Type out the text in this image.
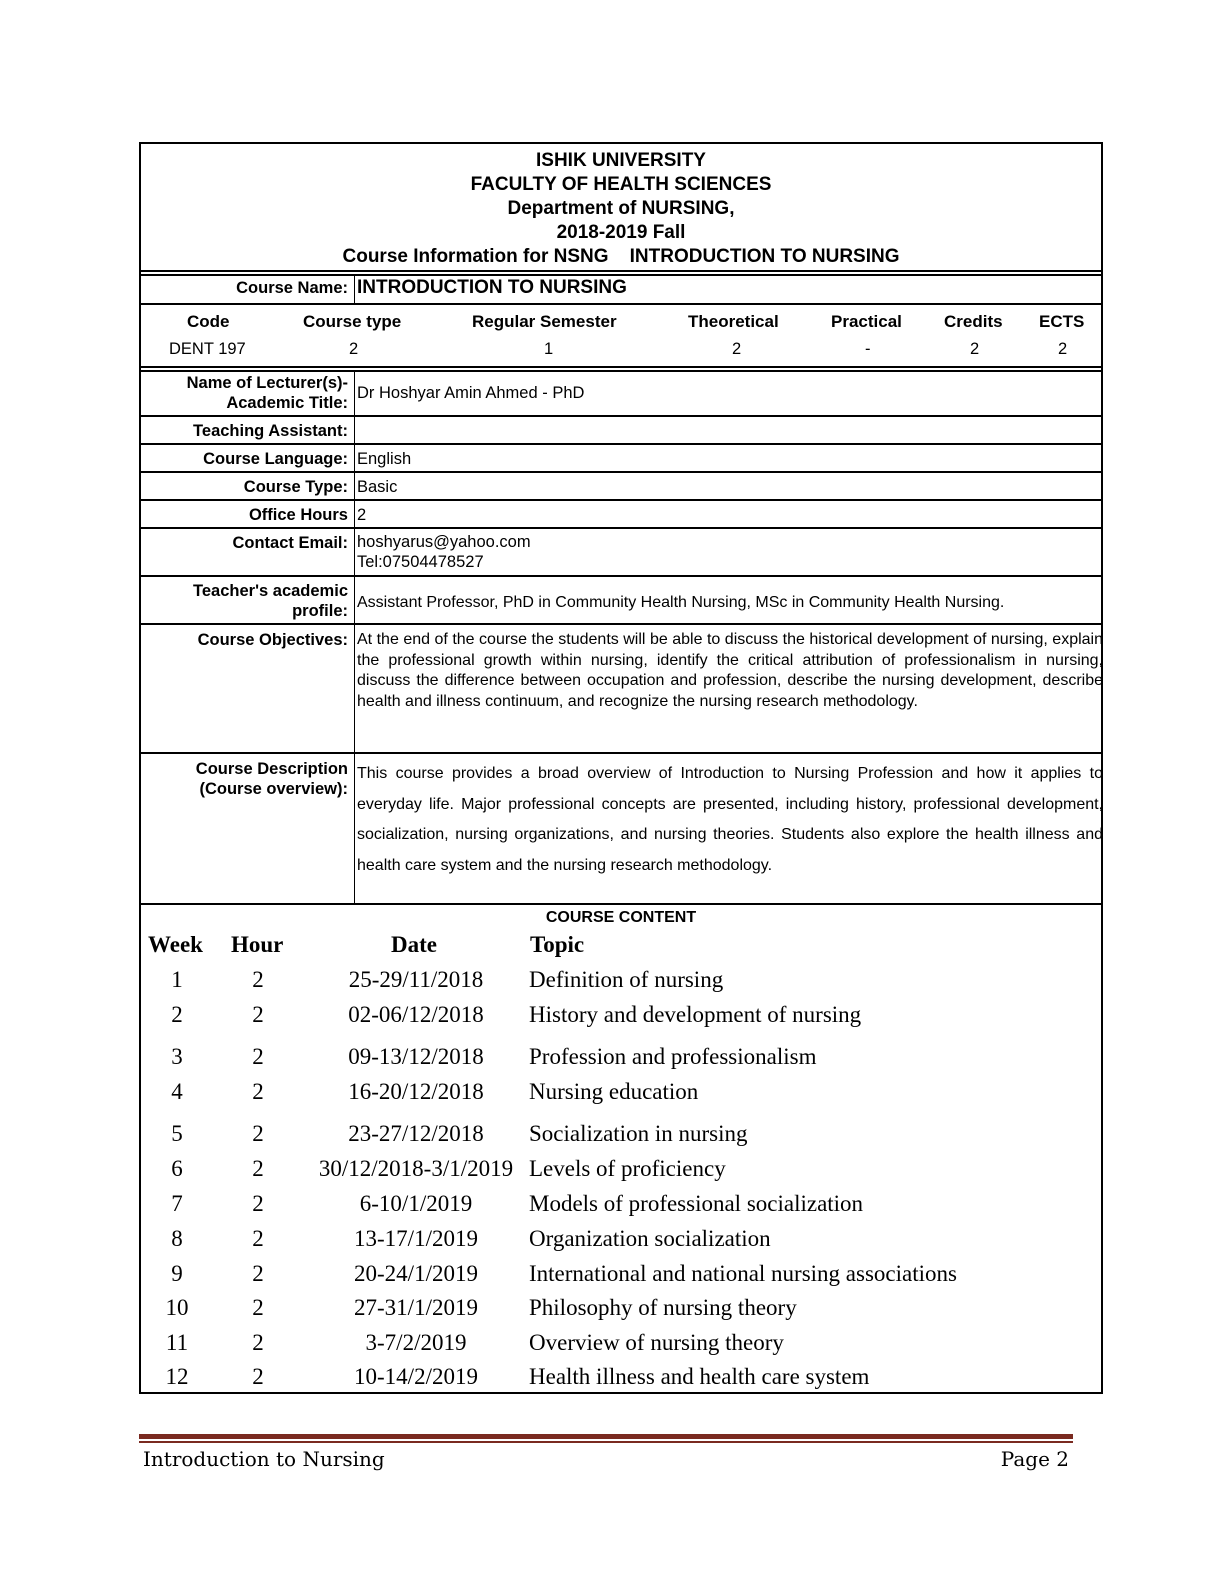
ISHIK UNIVERSITY
FACULTY OF HEALTH SCIENCES
Department of NURSING,
2018-2019 Fall
Course Information for NSNG    INTRODUCTION TO NURSING
Course Name: INTRODUCTION TO NURSING
Code	Course type	Regular Semester	Theoretical	Practical Credits ECTS
DENT 197	2	1	2	-	2	2
Name of Lecturer(s)-
Academic Title:
Dr Hoshyar Amin Ahmed - PhD
Teaching Assistant:
Course Language: English
Course Type: Basic
Office Hours 2
Contact Email: hoshyarus@yahoo.com
Tel:07504478527
Teacher's academic
profile: Assistant Professor, PhD in Community Health Nursing, MSc in Community Health Nursing.
Course Objectives: At the end of the course the students will be able to discuss the historical development of nursing, explain the professional growth within nursing, identify the critical attribution of professionalism in nursing, discuss the difference between occupation and profession, describe the nursing development, describe health and illness continuum, and recognize the nursing research methodology.
Course Description
(Course overview):
This course provides a broad overview of Introduction to Nursing Profession and how it applies to everyday life. Major professional concepts are presented, including history, professional development, socialization, nursing organizations, and nursing theories. Students also explore the health illness and health care system and the nursing research methodology.
COURSE CONTENT
Week Hour	Date	Topic
1	2	25-29/11/2018	Definition of nursing
2	2	02-06/12/2018	History and development of nursing
3	2	09-13/12/2018	Profession and professionalism
4	2	16-20/12/2018	Nursing education
5	2	23-27/12/2018	Socialization in nursing
6	2	30/12/2018-3/1/2019 Levels of proficiency
7	2	6-10/1/2019	Models of professional socialization
8	2	13-17/1/2019	Organization socialization
9	2	20-24/1/2019	International and national nursing associations
10	2	27-31/1/2019	Philosophy of nursing theory
11	2	3-7/2/2019	Overview of nursing theory
12	2	10-14/2/2019	Health illness and health care system
Introduction to Nursing	Page 2
